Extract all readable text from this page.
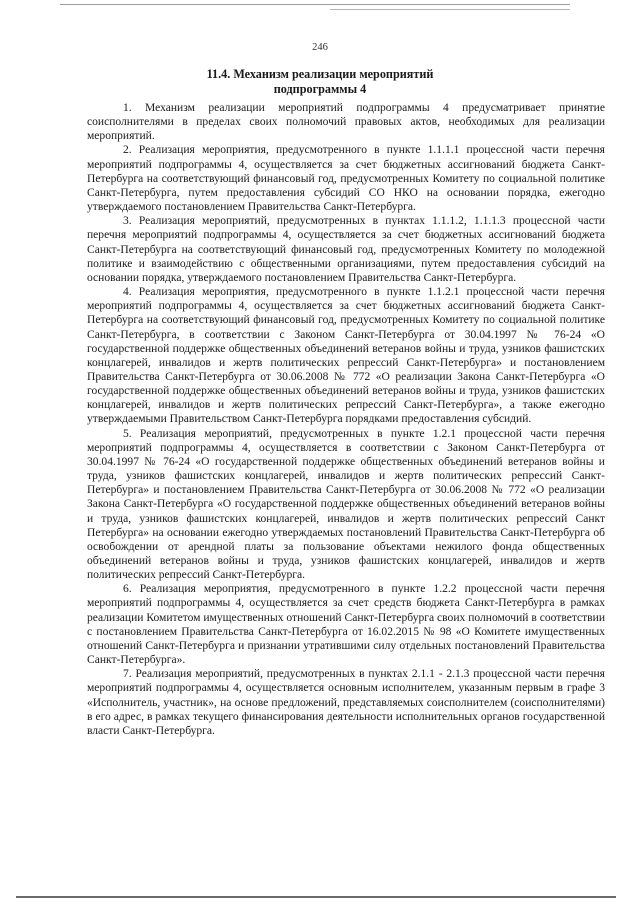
246
11.4. Механизм реализации мероприятий
подпрограммы 4

1. Механизм реализации мероприятий подпрограммы 4 предусматривает принятие соисполнителями в пределах своих полномочий правовых актов, необходимых для реализации мероприятий.

2. Реализация мероприятия, предусмотренного в пункте 1.1.1.1 процессной части перечня мероприятий подпрограммы 4, осуществляется за счет бюджетных ассигнований бюджета Санкт-Петербурга на соответствующий финансовый год, предусмотренных Комитету по социальной политике Санкт-Петербурга, путем предоставления субсидий СО НКО на основании порядка, ежегодно утверждаемого постановлением Правительства Санкт-Петербурга.

3. Реализация мероприятий, предусмотренных в пунктах 1.1.1.2, 1.1.1.3 процессной части перечня мероприятий подпрограммы 4, осуществляется за счет бюджетных ассигнований бюджета Санкт-Петербурга на соответствующий финансовый год, предусмотренных Комитету по молодежной политике и взаимодействию с общественными организациями, путем предоставления субсидий на основании порядка, утверждаемого постановлением Правительства Санкт-Петербурга.

4. Реализация мероприятия, предусмотренного в пункте 1.1.2.1 процессной части перечня мероприятий подпрограммы 4, осуществляется за счет бюджетных ассигнований бюджета Санкт-Петербурга на соответствующий финансовый год, предусмотренных Комитету по социальной политике Санкт-Петербурга, в соответствии с Законом Санкт-Петербурга от 30.04.1997 № 76-24 «О государственной поддержке общественных объединений ветеранов войны и труда, узников фашистских концлагерей, инвалидов и жертв политических репрессий Санкт-Петербурга» и постановлением Правительства Санкт-Петербурга от 30.06.2008 № 772 «О реализации Закона Санкт-Петербурга «О государственной поддержке общественных объединений ветеранов войны и труда, узников фашистских концлагерей, инвалидов и жертв политических репрессий Санкт-Петербурга», а также ежегодно утверждаемыми Правительством Санкт-Петербурга порядками предоставления субсидий.

5. Реализация мероприятий, предусмотренных в пункте 1.2.1 процессной части перечня мероприятий подпрограммы 4, осуществляется в соответствии с Законом Санкт-Петербурга от 30.04.1997 № 76-24 «О государственной поддержке общественных объединений ветеранов войны и труда, узников фашистских концлагерей, инвалидов и жертв политических репрессий Санкт-Петербурга» и постановлением Правительства Санкт-Петербурга от 30.06.2008 № 772 «О реализации Закона Санкт-Петербурга «О государственной поддержке общественных объединений ветеранов войны и труда, узников фашистских концлагерей, инвалидов и жертв политических репрессий Санкт Петербурга» на основании ежегодно утверждаемых постановлений Правительства Санкт-Петербурга об освобождении от арендной платы за пользование объектами нежилого фонда общественных объединений ветеранов войны и труда, узников фашистских концлагерей, инвалидов и жертв политических репрессий Санкт-Петербурга.

6. Реализация мероприятия, предусмотренного в пункте 1.2.2 процессной части перечня мероприятий подпрограммы 4, осуществляется за счет средств бюджета Санкт-Петербурга в рамках реализации Комитетом имущественных отношений Санкт-Петербурга своих полномочий в соответствии с постановлением Правительства Санкт-Петербурга от 16.02.2015 № 98 «О Комитете имущественных отношений Санкт-Петербурга и признании утратившими силу отдельных постановлений Правительства Санкт-Петербурга».

7. Реализация мероприятий, предусмотренных в пунктах 2.1.1 - 2.1.3 процессной части перечня мероприятий подпрограммы 4, осуществляется основным исполнителем, указанным первым в графе 3 «Исполнитель, участник», на основе предложений, представляемых соисполнителем (соисполнителями) в его адрес, в рамках текущего финансирования деятельности исполнительных органов государственной власти Санкт-Петербурга.
